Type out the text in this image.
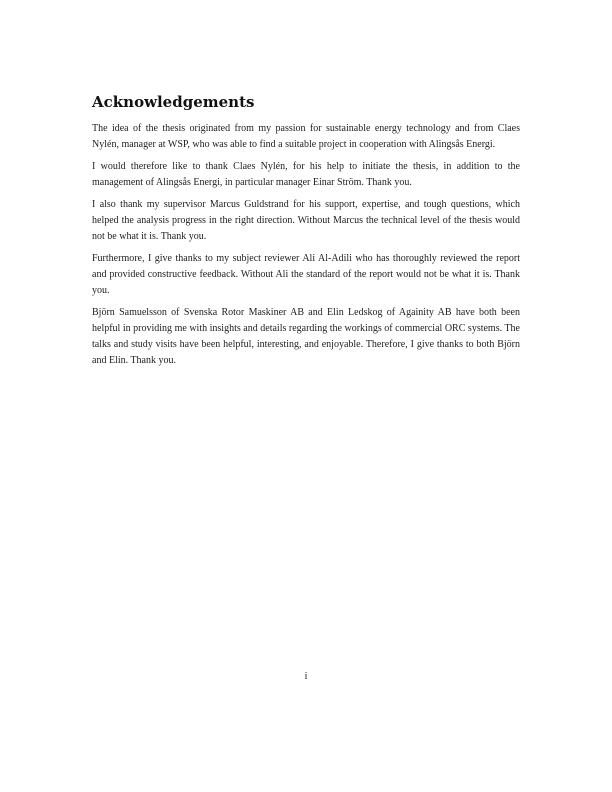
Acknowledgements

The idea of the thesis originated from my passion for sustainable energy technology and from Claes Nylén, manager at WSP, who was able to find a suitable project in cooperation with Alingsås Energi.

I would therefore like to thank Claes Nylén, for his help to initiate the thesis, in addition to the management of Alingsås Energi, in particular manager Einar Ström. Thank you.

I also thank my supervisor Marcus Guldstrand for his support, expertise, and tough questions, which helped the analysis progress in the right direction. Without Marcus the technical level of the thesis would not be what it is. Thank you.

Furthermore, I give thanks to my subject reviewer Ali Al-Adili who has thoroughly reviewed the report and provided constructive feedback. Without Ali the standard of the report would not be what it is. Thank you.

Björn Samuelsson of Svenska Rotor Maskiner AB and Elin Ledskog of Againity AB have both been helpful in providing me with insights and details regarding the workings of commercial ORC systems. The talks and study visits have been helpful, interesting, and enjoyable. Therefore, I give thanks to both Björn and Elin. Thank you.

i
